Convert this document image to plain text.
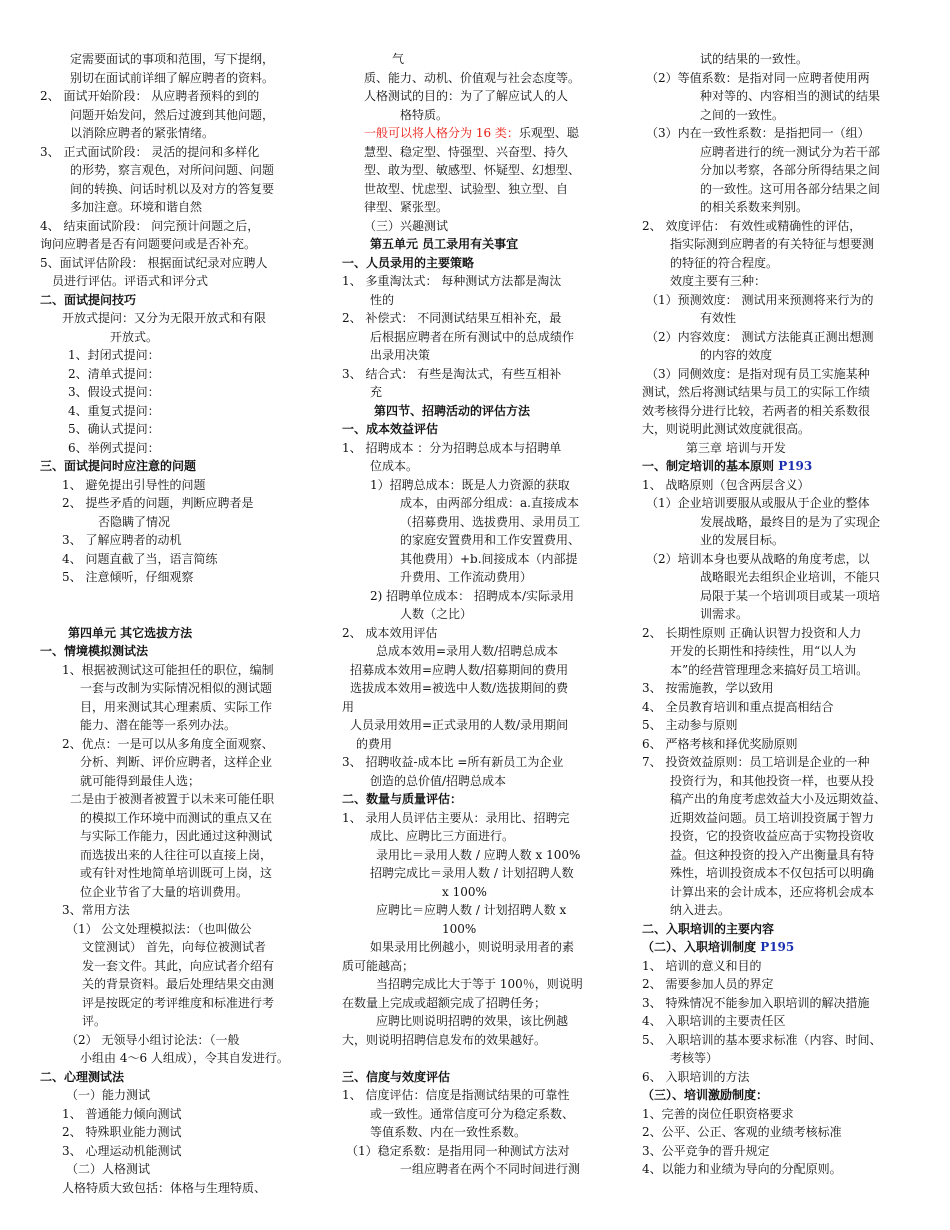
定需要面试的事项和范围，写下提纲，
别切在面试前详细了解应聘者的资料。
2、 面试开始阶段： 从应聘者预料的到的
问题开始发问，然后过渡到其他问题，
以消除应聘者的紧张情绪。
3、 正式面试阶段： 灵活的提问和多样化
的形势，察言观色，对所问问题、问题
间的转换、问话时机以及对方的答复要
多加注意。环境和谐自然
4、 结束面试阶段： 问完预计问题之后，
询问应聘者是否有问题要问或是否补充。
5、面试评估阶段： 根据面试纪录对应聘人
员进行评估。评语式和评分式
二、面试提问技巧
开放式提问：又分为无限开放式和有限
开放式。
1、封闭式提问：
2、清单式提问：
3、假设式提问：
4、重复式提问：
5、确认式提问：
6、举例式提问：
三、面试提问时应注意的问题
1、 避免提出引导性的问题
2、 提些矛盾的问题，判断应聘者是
否隐瞒了情况
3、 了解应聘者的动机
4、 问题直截了当，语言简练
5、 注意倾听，仔细观察
第四单元 其它选拔方法
一、情境模拟测试法
1、根据被测试这可能担任的职位，编制
一套与改制为实际情况相似的测试题
目，用来测试其心理素质、实际工作
能力、潜在能等一系列办法。
2、优点：一是可以从多角度全面观察、
分析、判断、评价应聘者，这样企业
就可能得到最佳人选；
二是由于被测者被置于以未来可能任职
的模拟工作环境中而测试的重点又在
与实际工作能力，因此通过这种测试
而选拔出来的人往往可以直接上岗，
或有针对性地简单培训既可上岗，这
位企业节省了大量的培训费用。
3、常用方法
（1） 公文处理模拟法：（也叫做公
文筐测试） 首先，向每位被测试者
发一套文件。其此，向应试者介绍有
关的背景资料。最后处理结果交由测
评是按既定的考评维度和标准进行考
评。
（2） 无领导小组讨论法：（一般
小组由 4～6 人组成），令其自发进行。
二、心理测试法
（一）能力测试
1、 普通能力倾向测试
2、 特殊职业能力测试
3、 心理运动机能测试
（二）人格测试
人格特质大致包括：体格与生理特质、
气
质、能力、动机、价值观与社会态度等。
人格测试的目的：为了了解应试人的人
格特质。
一般可以将人格分为 16 类：乐观型、聪
慧型、稳定型、恃强型、兴奋型、持久
型、敢为型、敏感型、怀疑型、幻想型、
世故型、忧虑型、试验型、独立型、自
律型、紧张型。
（三）兴趣测试
第五单元 员工录用有关事宜
一、人员录用的主要策略
1、 多重淘汰式： 每种测试方法都是淘汰
性的
2、 补偿式： 不同测试结果互相补充，最
后根据应聘者在所有测试中的总成绩作
出录用决策
3、 结合式： 有些是淘汰式，有些互相补
充
第四节、招聘活动的评估方法
一、成本效益评估
1、 招聘成本 ：分为招聘总成本与招聘单
位成本。
1）招聘总成本：既是人力资源的获取
成本，由两部分组成：a.直接成本
（招募费用、选拔费用、录用员工
的家庭安置费用和工作安置费用、
其他费用）+b.间接成本（内部提
升费用、工作流动费用）
2) 招聘单位成本： 招聘成本/实际录用
人数（之比）
2、 成本效用评估
总成本效用=录用人数/招聘总成本
招募成本效用=应聘人数/招募期间的费用
选拔成本效用=被选中人数/选拔期间的费
用
人员录用效用=正式录用的人数/录用期间
的费用
3、 招聘收益-成本比 =所有新员工为企业
创造的总价值/招聘总成本
二、数量与质量评估：
1、 录用人员评估主要从：录用比、招聘完
成比、应聘比三方面进行。
录用比＝录用人数 / 应聘人数 x 100%
招聘完成比＝录用人数 / 计划招聘人数
x 100%
应聘比＝应聘人数 / 计划招聘人数 x
100%
如果录用比例越小，则说明录用者的素
质可能越高；
当招聘完成比大于等于 100％，则说明
在数量上完成或超额完成了招聘任务；
应聘比则说明招聘的效果，该比例越
大，则说明招聘信息发布的效果越好。
三、信度与效度评估
1、 信度评估：信度是指测试结果的可靠性
或一致性。通常信度可分为稳定系数、
等值系数、内在一致性系数。
（1）稳定系数：是指用同一种测试方法对
一组应聘者在两个不同时间进行测
试的结果的一致性。
（2）等值系数：是指对同一应聘者使用两
种对等的、内容相当的测试的结果
之间的一致性。
（3）内在一致性系数：是指把同一（组）
应聘者进行的统一测试分为若干部
分加以考察，各部分所得结果之间
的一致性。这可用各部分结果之间
的相关系数来判别。
2、 效度评估： 有效性或精确性的评估，
指实际测到应聘者的有关特征与想要测
的特征的符合程度。
效度主要有三种：
（1）预测效度： 测试用来预测将来行为的
有效性
（2）内容效度： 测试方法能真正测出想测
的内容的效度
（3）同侧效度：是指对现有员工实施某种
测试，然后将测试结果与员工的实际工作绩
效考核得分进行比较，若两者的相关系数很
大，则说明此测试效度就很高。
第三章 培训与开发
一、制定培训的基本原则 P193
1、 战略原则（包含两层含义）
（1）企业培训要服从或服从于企业的整体
发展战略，最终目的是为了实现企
业的发展目标。
（2）培训本身也要从战略的角度考虑，以
战略眼光去组织企业培训，不能只
局限于某一个培训项目或某一项培
训需求。
2、 长期性原则 正确认识智力投资和人力
开发的长期性和持续性，用“以人为
本”的经营管理理念来搞好员工培训。
3、 按需施教，学以致用
4、 全员教育培训和重点提高相结合
5、 主动参与原则
6、 严格考核和择优奖励原则
7、 投资效益原则：员工培训是企业的一种
投资行为，和其他投资一样，也要从投
稿产出的角度考虑效益大小及远期效益、
近期效益问题。员工培训投资属于智力
投资，它的投资收益应高于实物投资收
益。但这种投资的投入产出衡量具有特
殊性，培训投资成本不仅包括可以明确
计算出来的会计成本，还应将机会成本
纳入进去。
二、入职培训的主要内容
（二）、入职培训制度 P195
1、 培训的意义和目的
2、 需要参加人员的界定
3、 特殊情况不能参加入职培训的解决措施
4、 入职培训的主要责任区
5、 入职培训的基本要求标准（内容、时间、
考核等）
6、 入职培训的方法
（三）、培训激励制度：
1、完善的岗位任职资格要求
2、公平、公正、客观的业绩考核标准
3、公平竞争的晋升规定
4、以能力和业绩为导向的分配原则。
